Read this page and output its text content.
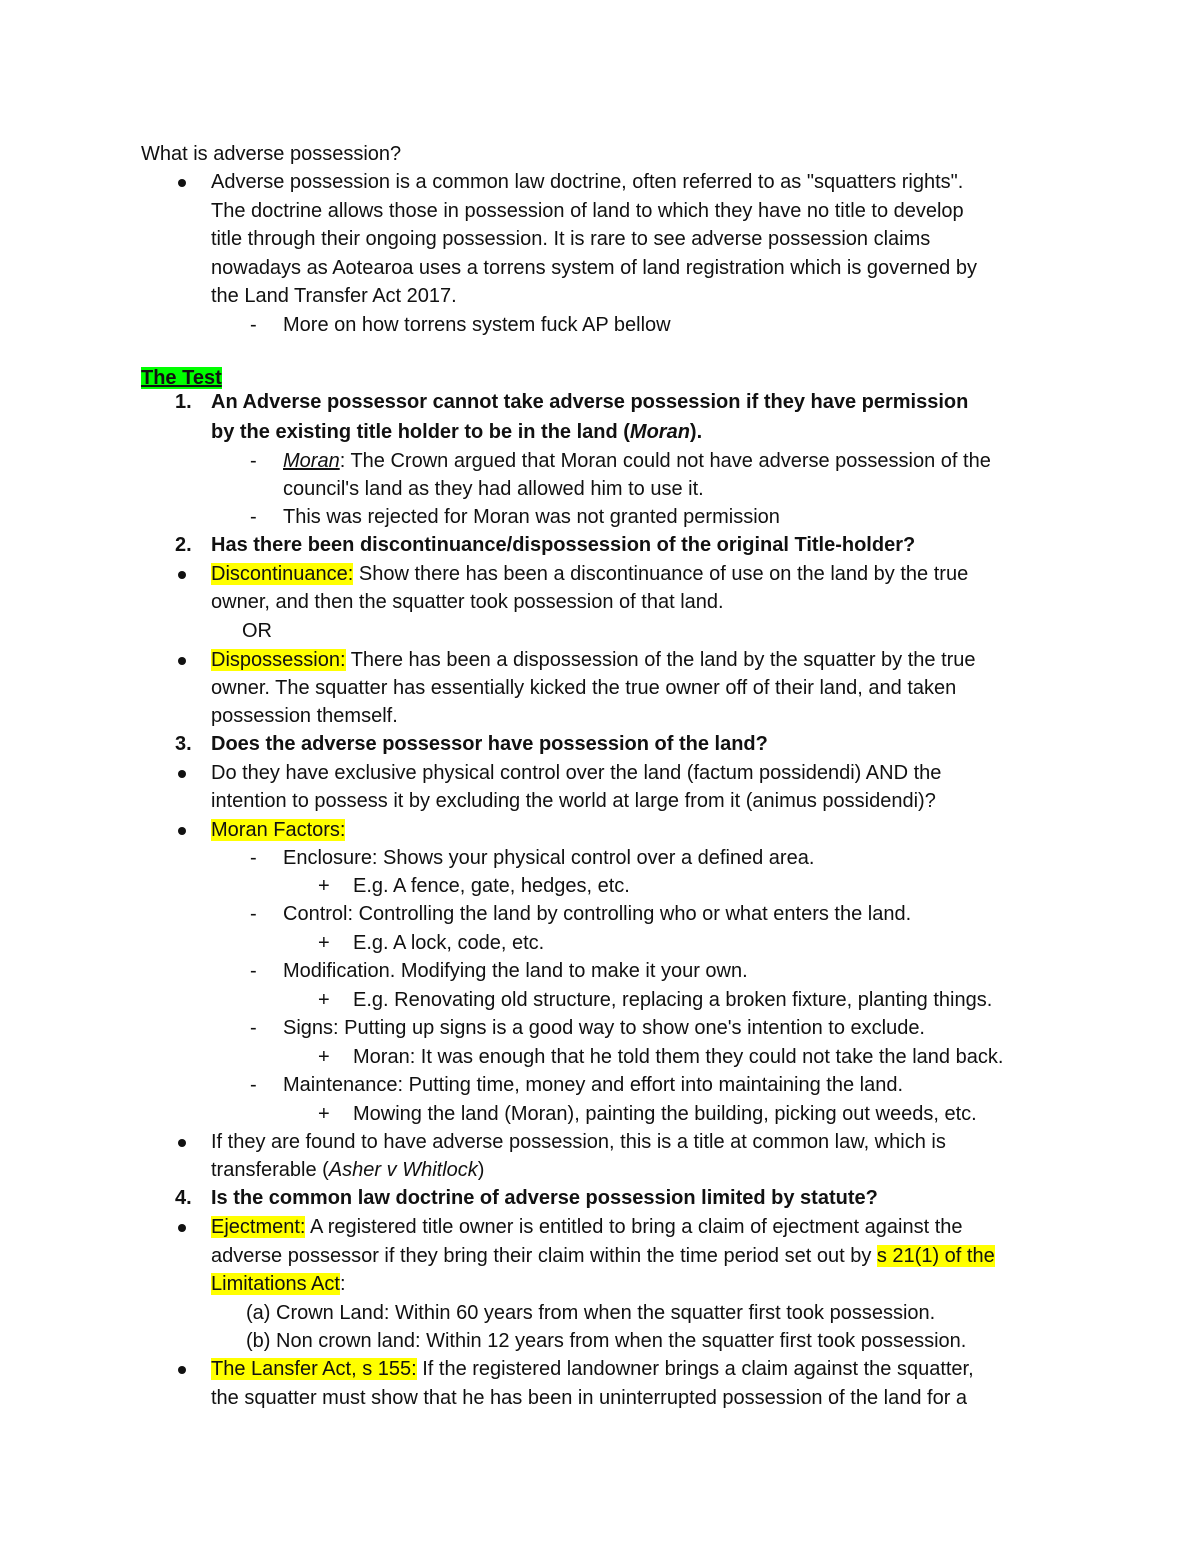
What is adverse possession?
Adverse possession is a common law doctrine, often referred to as "squatters rights".
The doctrine allows those in possession of land to which they have no title to develop
title through their ongoing possession. It is rare to see adverse possession claims
nowadays as Aotearoa uses a torrens system of land registration which is governed by
the Land Transfer Act 2017.
- More on how torrens system fuck AP bellow
The Test
1. An Adverse possessor cannot take adverse possession if they have permission
by the existing title holder to be in the land (Moran).
- Moran: The Crown argued that Moran could not have adverse possession of the
council's land as they had allowed him to use it.
- This was rejected for Moran was not granted permission
2. Has there been discontinuance/dispossession of the original Title-holder?
Discontinuance: Show there has been a discontinuance of use on the land by the true
owner, and then the squatter took possession of that land.
OR
Dispossession: There has been a dispossession of the land by the squatter by the true
owner. The squatter has essentially kicked the true owner off of their land, and taken
possession themself.
3. Does the adverse possessor have possession of the land?
Do they have exclusive physical control over the land (factum possidendi) AND the
intention to possess it by excluding the world at large from it (animus possidendi)?
Moran Factors:
- Enclosure: Shows your physical control over a defined area.
+ E.g. A fence, gate, hedges, etc.
- Control: Controlling the land by controlling who or what enters the land.
+ E.g. A lock, code, etc.
- Modification. Modifying the land to make it your own.
+ E.g. Renovating old structure, replacing a broken fixture, planting things.
- Signs: Putting up signs is a good way to show one's intention to exclude.
+ Moran: It was enough that he told them they could not take the land back.
- Maintenance: Putting time, money and effort into maintaining the land.
+ Mowing the land (Moran), painting the building, picking out weeds, etc.
If they are found to have adverse possession, this is a title at common law, which is
transferable (Asher v Whitlock)
4. Is the common law doctrine of adverse possession limited by statute?
Ejectment: A registered title owner is entitled to bring a claim of ejectment against the
adverse possessor if they bring their claim within the time period set out by s 21(1) of the
Limitations Act:
(a) Crown Land: Within 60 years from when the squatter first took possession.
(b) Non crown land: Within 12 years from when the squatter first took possession.
The Lansfer Act, s 155: If the registered landowner brings a claim against the squatter,
the squatter must show that he has been in uninterrupted possession of the land for a
